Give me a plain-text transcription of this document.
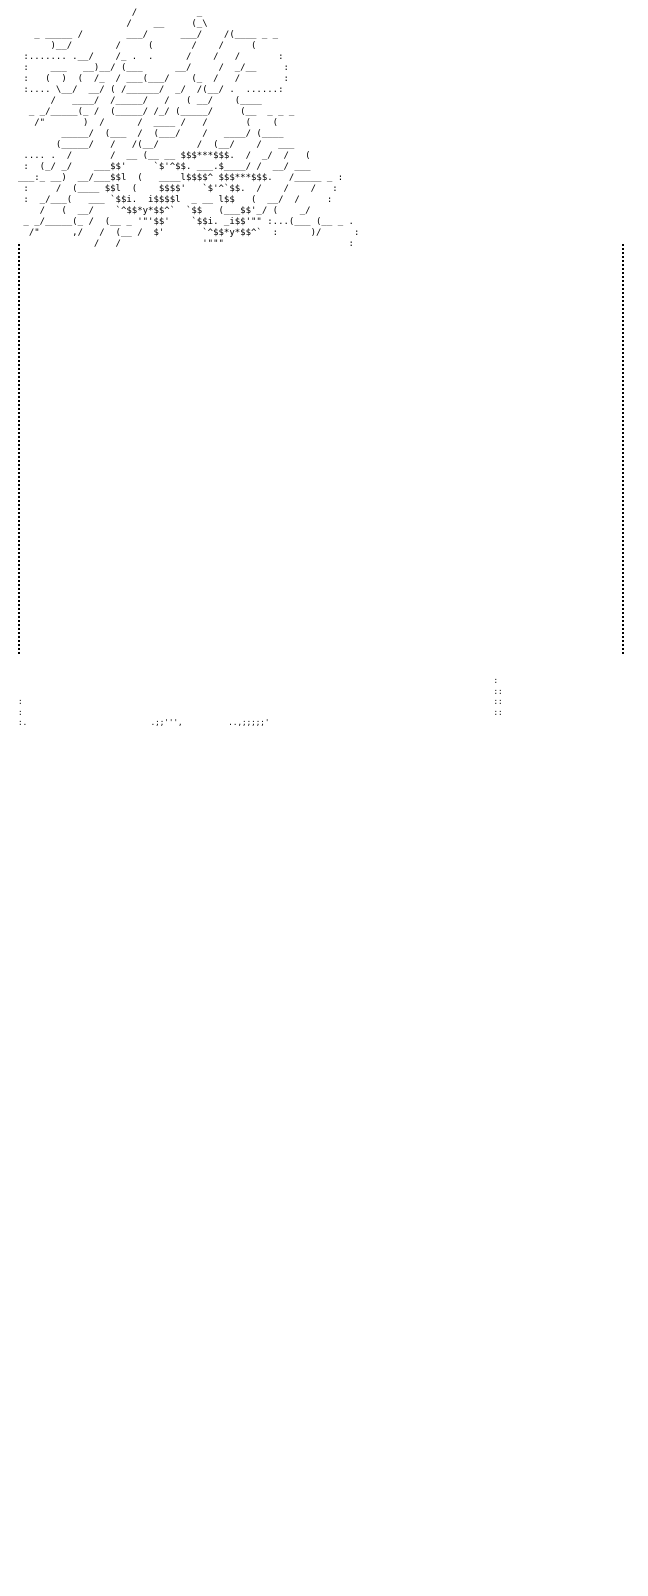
/           _
/    __     (_\
_ _____ /        ___/      ___/    /(____ _ _
)__/        /     (       /    /     (
:....... .__/    /_ .  .      /    /   /       :
:    ___   __)__/ (___      __/     /  _/__     :
:   (  )  (  /_  / ___(___/    (_  /   /        :
:.... \__/  __/ ( /______/  _/  /(__/ .  ......:
/   ____/  /_____/   /   ( __/    (____
_ _/_____(_ /  (_____/ /_/ (_____/     (__  _ _ _
/"       )  /      /  ____ /   /       (    (
_____/  (___  /  (___/    /   ____/ (____
(_____/   /   /(__/       /  (__/    /   ___
.... .  /       /  __ (__ __ $$$***$$$.  /  _/  /   (
:  (_/ _/    ___$$'     `$'^$$. ___.$____/ /  __/ ___
___:_ __)  __/___$$l  (   ____l$$$$^ $$$***$$$.   /_____ _ :
:     /  (____ $$l  (    $$$$'   `$'^`$$.  /    /    /   :
:  _/___(   ___ `$$i.  i$$$$l  _ __ l$$   (  __/  /     :
/   (  __/    `^$$*y*$$^`  `$$   (___$$'_/ (    _/
_ _/_____(_ /  (__ _ '"'$$'    `$$i. _i$$'"" :...(___ (__ _ .
/"      ,/   /  (__ /  $'       `^$$*y*$$^`  :      )/      :
/   /               '"""                       :

:
::
:                                                                                                       ::
:                                                                                                       ::
:.                           .;;''',          ..,;;;;;'
